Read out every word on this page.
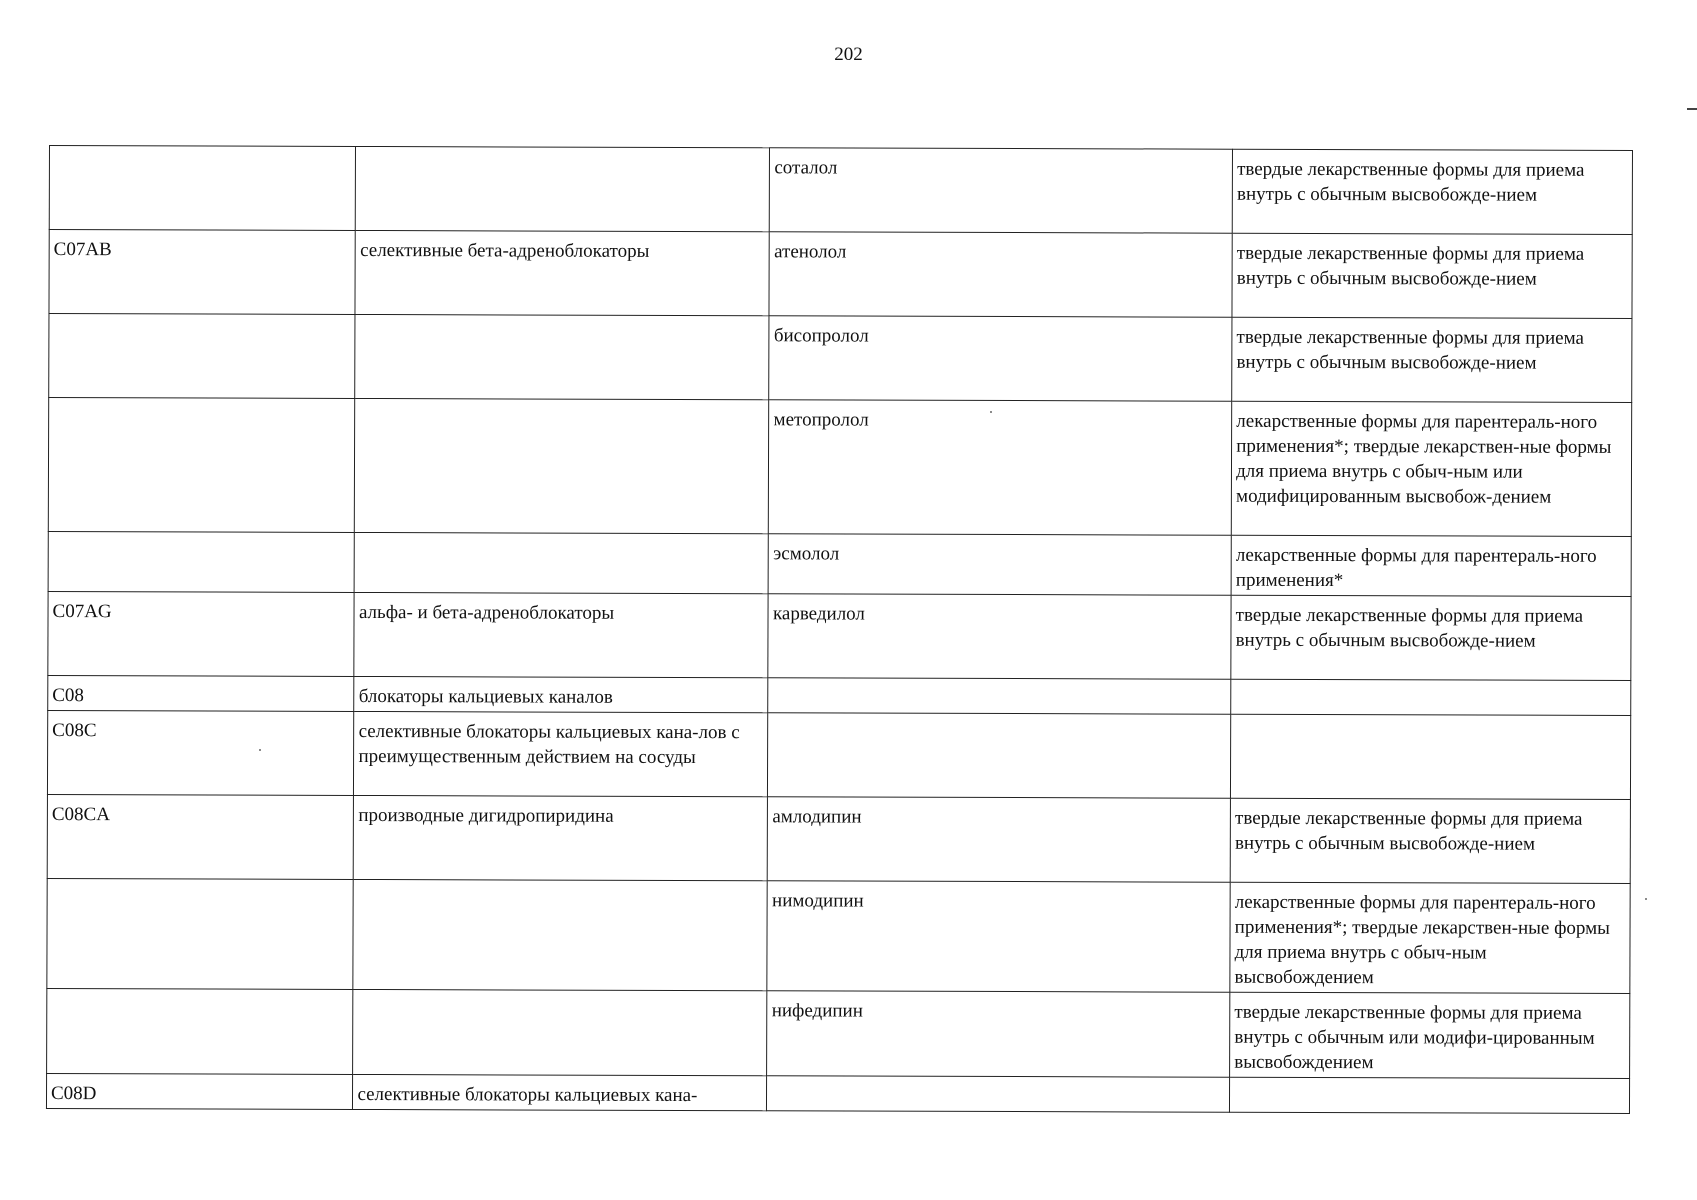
202
		соталол	твердые лекарственные формы для приема внутрь с обычным высвобожде-нием
C07AB	селективные бета-адреноблокаторы	атенолол	твердые лекарственные формы для приема внутрь с обычным высвобожде-нием
		бисопролол	твердые лекарственные формы для приема внутрь с обычным высвобожде-нием
		метопролол	лекарственные формы для парентераль-ного применения*; твердые лекарствен-ные формы для приема внутрь с обыч-ным или модифицированным высвобож-дением
		эсмолол	лекарственные формы для парентераль-ного применения*
C07AG	альфа- и бета-адреноблокаторы	карведилол	твердые лекарственные формы для приема внутрь с обычным высвобожде-нием
C08	блокаторы кальциевых каналов		
C08C	селективные блокаторы кальциевых кана-лов с преимущественным действием на сосуды		
C08CA	производные дигидропиридина	амлодипин	твердые лекарственные формы для приема внутрь с обычным высвобожде-нием
		нимодипин	лекарственные формы для парентераль-ного применения*; твердые лекарствен-ные формы для приема внутрь с обыч-ным высвобождением
		нифедипин	твердые лекарственные формы для приема внутрь с обычным или модифи-цированным высвобождением
C08D	селективные блокаторы кальциевых кана-		
